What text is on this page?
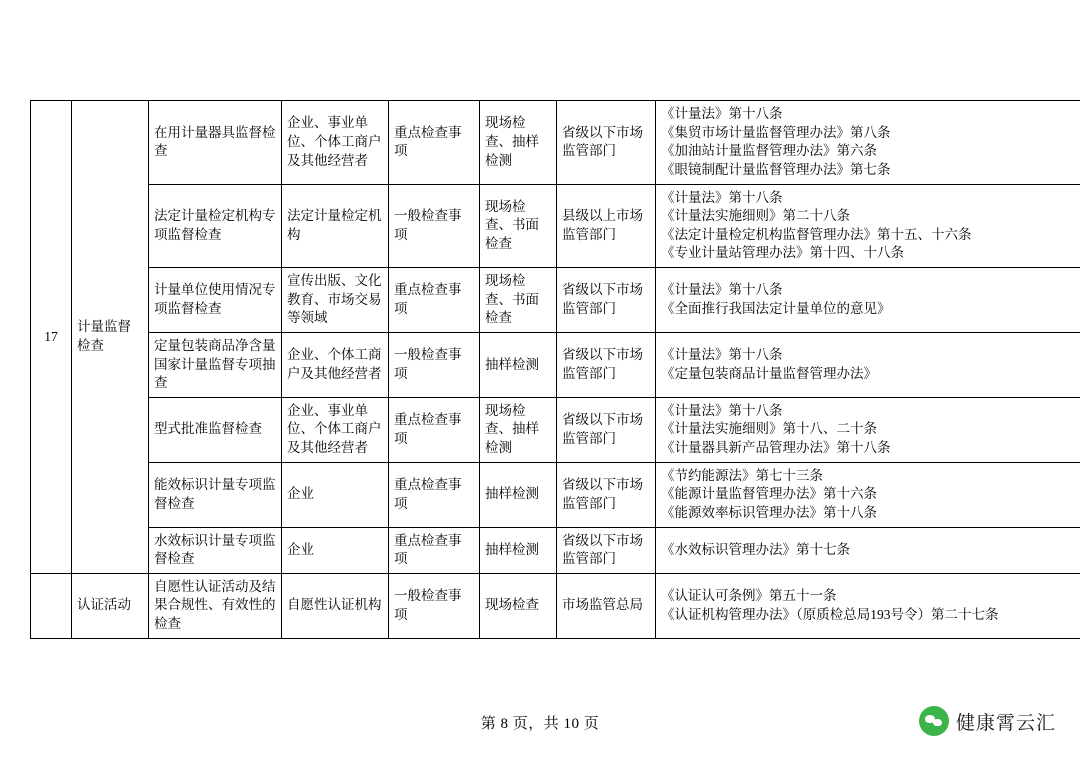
17	计量监督检查	在用计量器具监督检查	企业、事业单位、个体工商户及其他经营者	重点检查事项	现场检查、抽样检测	省级以下市场监管部门	《计量法》第十八条
《集贸市场计量监督管理办法》第八条
《加油站计量监督管理办法》第六条
《眼镜制配计量监督管理办法》第七条

		法定计量检定机构专项监督检查	法定计量检定机构	一般检查事项	现场检查、书面检查	县级以上市场监管部门	《计量法》第十八条
《计量法实施细则》第二十八条
《法定计量检定机构监督管理办法》第十五、十六条
《专业计量站管理办法》第十四、十八条

		计量单位使用情况专项监督检查	宣传出版、文化教育、市场交易等领域	重点检查事项	现场检查、书面检查	省级以下市场监管部门	《计量法》第十八条
《全面推行我国法定计量单位的意见》

		定量包装商品净含量国家计量监督专项抽查	企业、个体工商户及其他经营者	一般检查事项	抽样检测	省级以下市场监管部门	《计量法》第十八条
《定量包装商品计量监督管理办法》

		型式批准监督检查	企业、事业单位、个体工商户及其他经营者	重点检查事项	现场检查、抽样检测	省级以下市场监管部门	《计量法》第十八条
《计量法实施细则》第十八、二十条
《计量器具新产品管理办法》第十八条

		能效标识计量专项监督检查	企业	重点检查事项	抽样检测	省级以下市场监管部门	《节约能源法》第七十三条
《能源计量监督管理办法》第十六条
《能源效率标识管理办法》第十八条

		水效标识计量专项监督检查	企业	重点检查事项	抽样检测	省级以下市场监管部门	《水效标识管理办法》第十七条

	认证活动	自愿性认证活动及结果合规性、有效性的检查	自愿性认证机构	一般检查事项	现场检查	市场监管总局	《认证认可条例》第五十一条
《认证机构管理办法》（原质检总局193号令）第二十七条
第 8 页，共 10 页	健康霄云汇
